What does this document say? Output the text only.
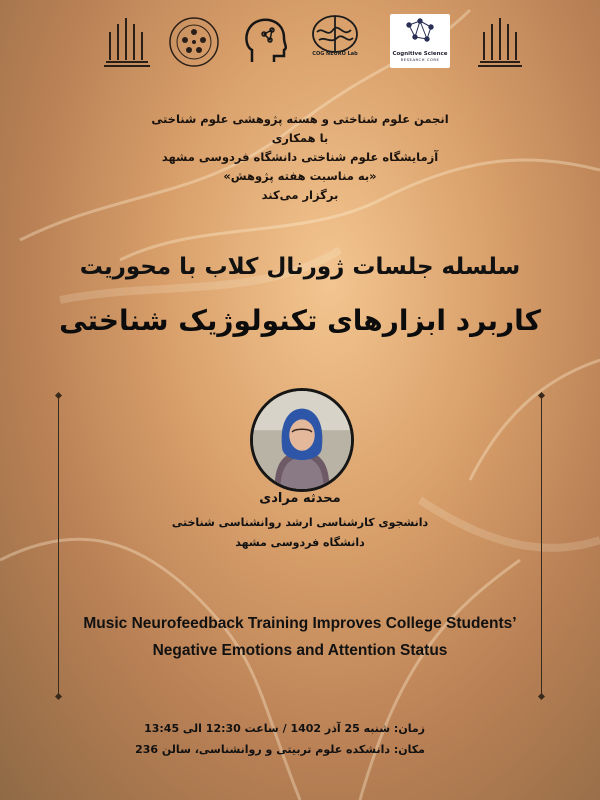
COG NEURO Lab	Cognitive Science
RESEARCH CORE
انجمن علوم شناختی و هسته پژوهشی علوم شناختی
با همکاری
آزمایشگاه علوم شناختی دانشگاه فردوسی مشهد
«به مناسبت هفته پژوهش»
برگزار می‌کند
سلسله جلسات ژورنال کلاب با محوریت
کاربرد ابزارهای تکنولوژیک شناختی
محدثه مرادی
دانشجوی کارشناسی ارشد روانشناسی شناختی
دانشگاه فردوسی مشهد
Music Neurofeedback Training Improves College Students’
Negative Emotions and Attention Status
زمان: شنبه 25 آذر 1402 / ساعت 12:30 الی 13:45
مکان: دانشکده علوم تربیتی و روانشناسی، سالن 236
